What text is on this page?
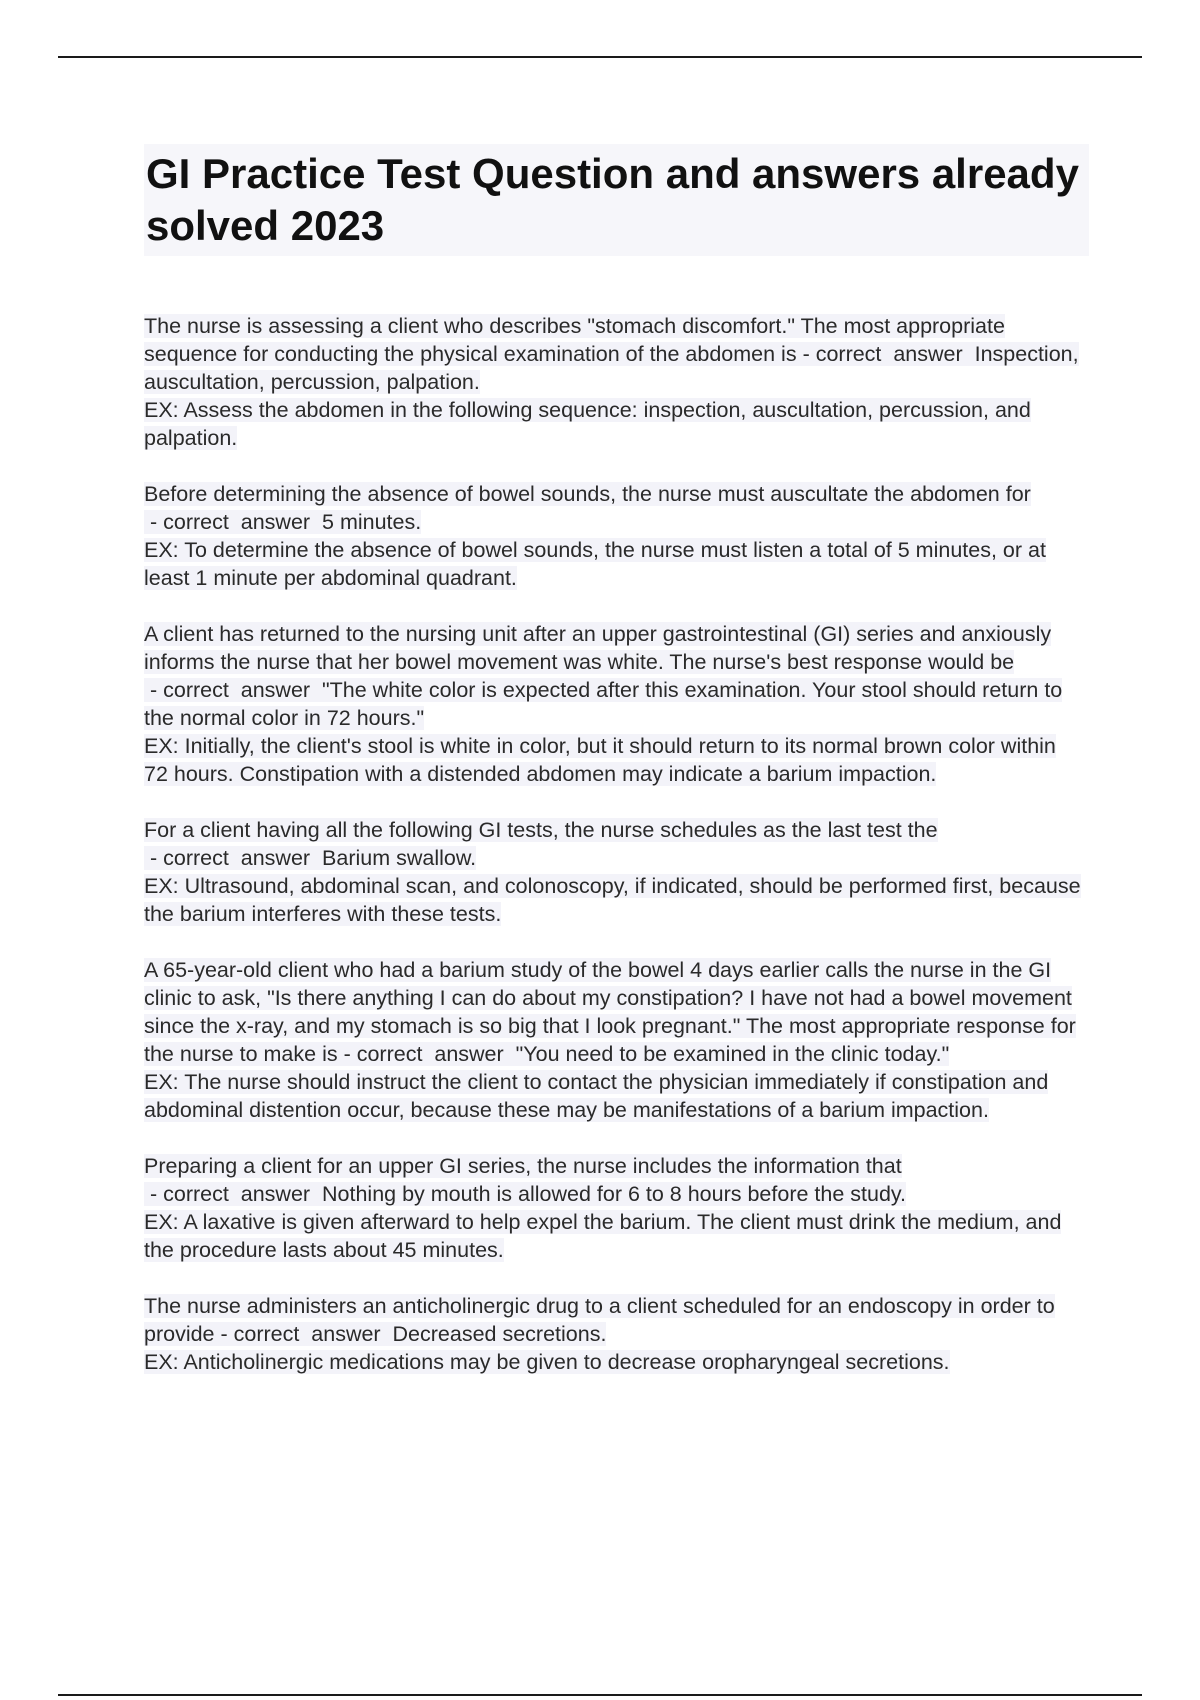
GI Practice Test Question and answers already solved 2023

The nurse is assessing a client who describes "stomach discomfort." The most appropriate sequence for conducting the physical examination of the abdomen is - correct  answer  Inspection, auscultation, percussion, palpation.
EX: Assess the abdomen in the following sequence: inspection, auscultation, percussion, and palpation.

Before determining the absence of bowel sounds, the nurse must auscultate the abdomen for - correct  answer  5 minutes.
EX: To determine the absence of bowel sounds, the nurse must listen a total of 5 minutes, or at least 1 minute per abdominal quadrant.

A client has returned to the nursing unit after an upper gastrointestinal (GI) series and anxiously informs the nurse that her bowel movement was white. The nurse's best response would be - correct  answer  "The white color is expected after this examination. Your stool should return to the normal color in 72 hours."
EX: Initially, the client's stool is white in color, but it should return to its normal brown color within 72 hours. Constipation with a distended abdomen may indicate a barium impaction.

For a client having all the following GI tests, the nurse schedules as the last test the - correct  answer  Barium swallow.
EX: Ultrasound, abdominal scan, and colonoscopy, if indicated, should be performed first, because the barium interferes with these tests.

A 65-year-old client who had a barium study of the bowel 4 days earlier calls the nurse in the GI clinic to ask, "Is there anything I can do about my constipation? I have not had a bowel movement since the x-ray, and my stomach is so big that I look pregnant." The most appropriate response for the nurse to make is - correct  answer  "You need to be examined in the clinic today."
EX: The nurse should instruct the client to contact the physician immediately if constipation and abdominal distention occur, because these may be manifestations of a barium impaction.

Preparing a client for an upper GI series, the nurse includes the information that - correct  answer  Nothing by mouth is allowed for 6 to 8 hours before the study.
EX: A laxative is given afterward to help expel the barium. The client must drink the medium, and the procedure lasts about 45 minutes.

The nurse administers an anticholinergic drug to a client scheduled for an endoscopy in order to provide - correct  answer  Decreased secretions.
EX: Anticholinergic medications may be given to decrease oropharyngeal secretions.
